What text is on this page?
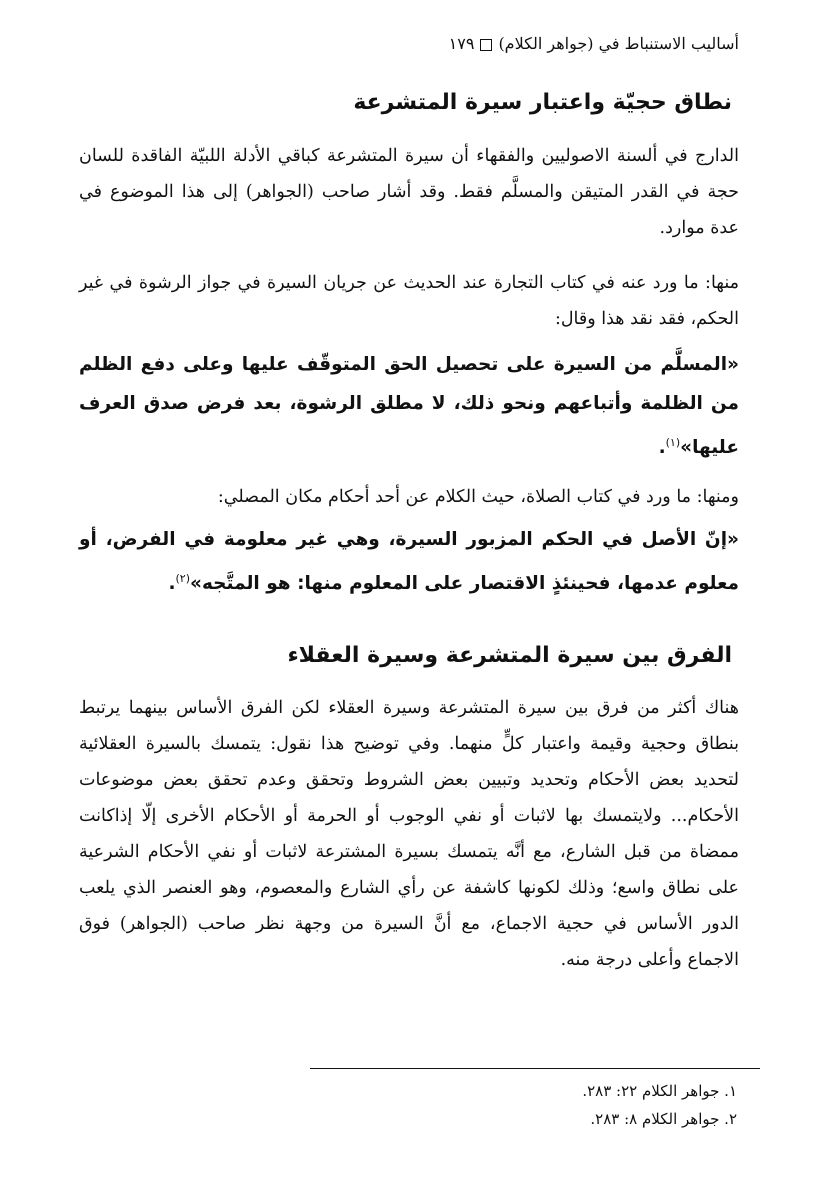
أساليب الاستنباط في (جواهر الكلام)١٧٩
نطاق حجيّة واعتبار سيرة المتشرعة

الدارج في ألسنة الاصوليين والفقهاء أن سيرة المتشرعة كباقي الأدلة اللبيّة الفاقدة للسان حجة في القدر المتيقن والمسلَّم فقط. وقد أشار صاحب (الجواهر) إلى هذا الموضوع في عدة موارد.

منها: ما ورد عنه في كتاب التجارة عند الحديث عن جريان السيرة في جواز الرشوة في غير الحكم، فقد نقد هذا وقال:

«المسلَّم من السيرة على تحصيل الحق المتوقّف عليها وعلى دفع الظلم من الظلمة وأتباعهم ونحو ذلك، لا مطلق الرشوة، بعد فرض صدق العرف عليها»$^{(١)}$.

ومنها: ما ورد في كتاب الصلاة، حيث الكلام عن أحد أحكام مكان المصلي:

«إنّ الأصل في الحكم المزبور السيرة، وهي غير معلومة في الفرض، أو معلوم عدمها، فحينئذٍ الاقتصار على المعلوم منها: هو المتَّجه»$^{(٢)}$.

الفرق بين سيرة المتشرعة وسيرة العقلاء

هناك أكثر من فرق بين سيرة المتشرعة وسيرة العقلاء لكن الفرق الأساس بينهما يرتبط بنطاق وحجية وقيمة واعتبار كلٍّ منهما. وفي توضيح هذا نقول: يتمسك بالسيرة العقلائية لتحديد بعض الأحكام وتحديد وتبيين بعض الشروط وتحقق وعدم تحقق بعض موضوعات الأحكام... ولايتمسك بها لاثبات أو نفي الوجوب أو الحرمة أو الأحكام الأخرى إلّا إذاكانت ممضاة من قبل الشارع، مع أنَّه يتمسك بسيرة المشترعة لاثبات أو نفي الأحكام الشرعية على نطاق واسع؛ وذلك لكونها كاشفة عن رأي الشارع والمعصوم، وهو العنصر الذي يلعب الدور الأساس في حجية الاجماع، مع أنَّ السيرة من وجهة نظر صاحب (الجواهر) فوق الاجماع وأعلى درجة منه.

١. جواهر الكلام ٢٢: ٢٨٣.
٢. جواهر الكلام ٨: ٢٨٣.
